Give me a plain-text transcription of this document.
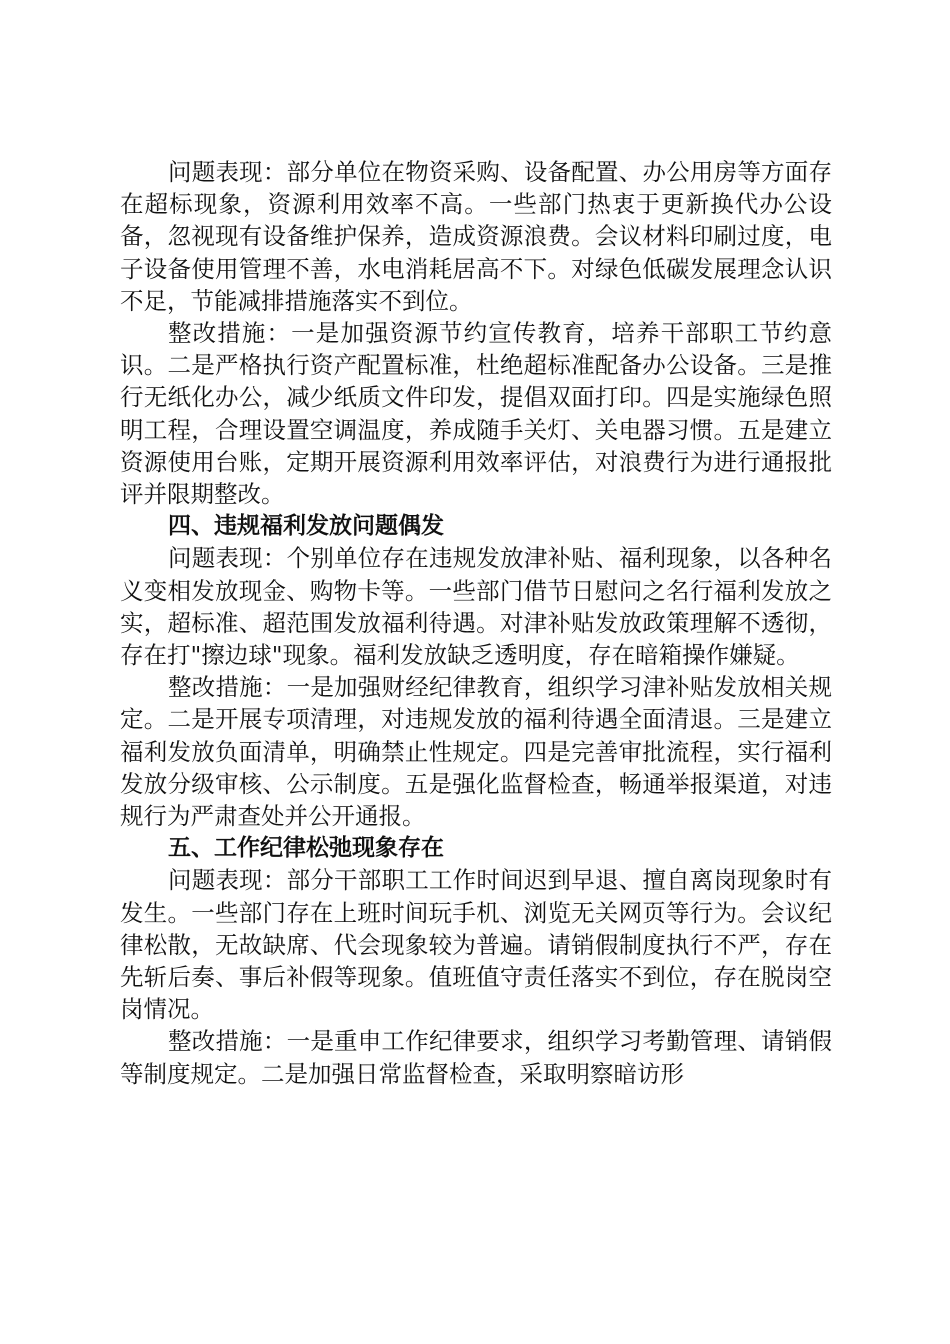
问题表现：部分单位在物资采购、设备配置、办公用房等方面存在超标现象，资源利用效率不高。一些部门热衷于更新换代办公设备，忽视现有设备维护保养，造成资源浪费。会议材料印刷过度，电子设备使用管理不善，水电消耗居高不下。对绿色低碳发展理念认识不足，节能减排措施落实不到位。

整改措施：一是加强资源节约宣传教育，培养干部职工节约意识。二是严格执行资产配置标准，杜绝超标准配备办公设备。三是推行无纸化办公，减少纸质文件印发，提倡双面打印。四是实施绿色照明工程，合理设置空调温度，养成随手关灯、关电器习惯。五是建立资源使用台账，定期开展资源利用效率评估，对浪费行为进行通报批评并限期整改。

四、违规福利发放问题偶发

问题表现：个别单位存在违规发放津补贴、福利现象，以各种名义变相发放现金、购物卡等。一些部门借节日慰问之名行福利发放之实，超标准、超范围发放福利待遇。对津补贴发放政策理解不透彻，存在打"擦边球"现象。福利发放缺乏透明度，存在暗箱操作嫌疑。

整改措施：一是加强财经纪律教育，组织学习津补贴发放相关规定。二是开展专项清理，对违规发放的福利待遇全面清退。三是建立福利发放负面清单，明确禁止性规定。四是完善审批流程，实行福利发放分级审核、公示制度。五是强化监督检查，畅通举报渠道，对违规行为严肃查处并公开通报。

五、工作纪律松弛现象存在

问题表现：部分干部职工工作时间迟到早退、擅自离岗现象时有发生。一些部门存在上班时间玩手机、浏览无关网页等行为。会议纪律松散，无故缺席、代会现象较为普遍。请销假制度执行不严，存在先斩后奏、事后补假等现象。值班值守责任落实不到位，存在脱岗空岗情况。

整改措施：一是重申工作纪律要求，组织学习考勤管理、请销假等制度规定。二是加强日常监督检查，采取明察暗访形
